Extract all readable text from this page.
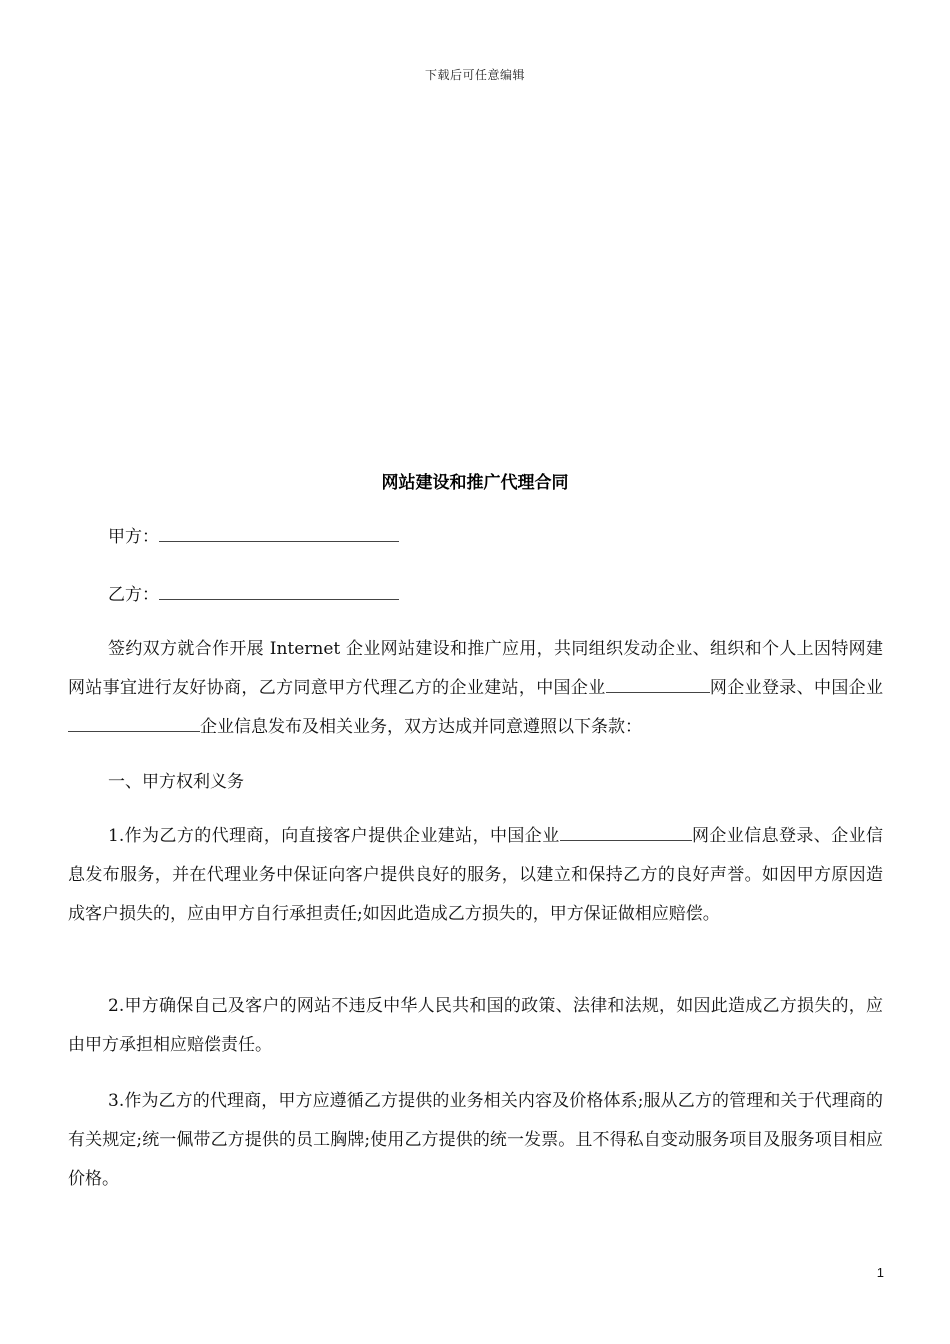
下载后可任意编辑
网站建设和推广代理合同
甲方：
乙方：
签约双方就合作开展 Internet 企业网站建设和推广应用，共同组织发动企业、组织和个人上因特网建网站事宜进行友好协商，乙方同意甲方代理乙方的企业建站，中国企业	网企业登录、中国企业企业信息发布及相关业务，双方达成并同意遵照以下条款：
一、甲方权利义务
1.作为乙方的代理商，向直接客户提供企业建站，中国企业	网企业信息登录、企业信息发布服务，并在代理业务中保证向客户提供良好的服务，以建立和保持乙方的良好声誉。如因甲方原因造成客户损失的，应由甲方自行承担责任;如因此造成乙方损失的，甲方保证做相应赔偿。
2.甲方确保自己及客户的网站不违反中华人民共和国的政策、法律和法规，如因此造成乙方损失的，应由甲方承担相应赔偿责任。
3.作为乙方的代理商，甲方应遵循乙方提供的业务相关内容及价格体系;服从乙方的管理和关于代理商的有关规定;统一佩带乙方提供的员工胸牌;使用乙方提供的统一发票。且不得私自变动服务项目及服务项目相应价格。
1
